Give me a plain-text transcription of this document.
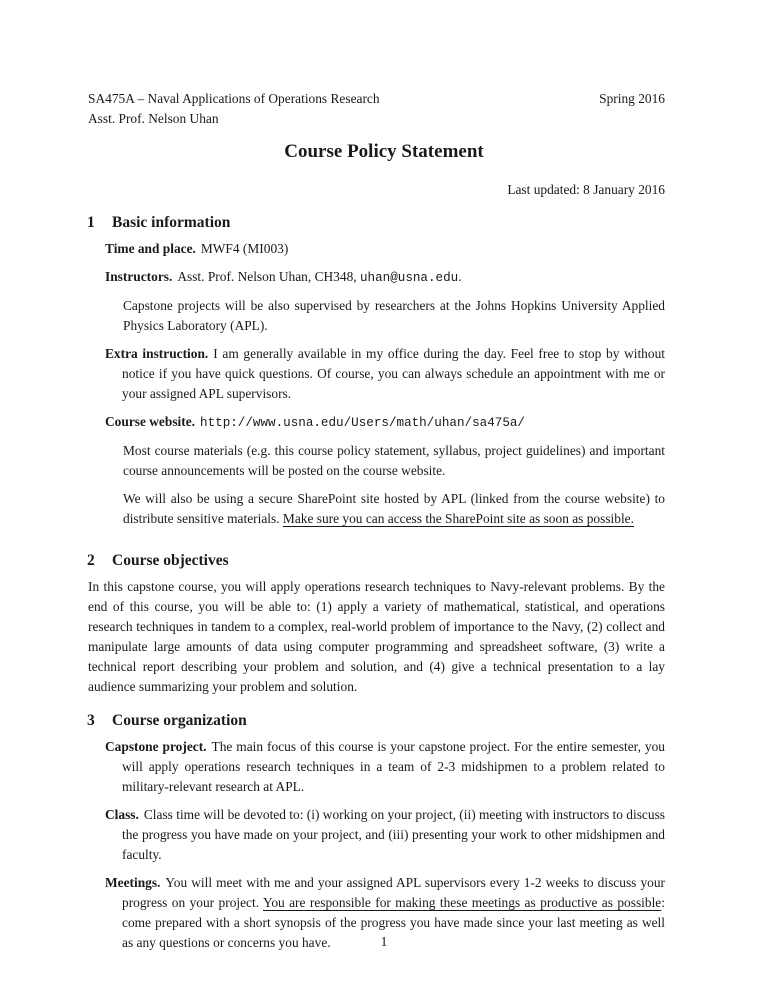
SA475A – Naval Applications of Operations Research
Asst. Prof. Nelson Uhan
Spring 2016
Course Policy Statement
Last updated: 8 January 2016
1 Basic information
Time and place. MWF4 (MI003)
Instructors. Asst. Prof. Nelson Uhan, CH348, uhan@usna.edu.
Capstone projects will be also supervised by researchers at the Johns Hopkins University Applied Physics Laboratory (APL).
Extra instruction. I am generally available in my office during the day. Feel free to stop by without notice if you have quick questions. Of course, you can always schedule an appointment with me or your assigned APL supervisors.
Course website. http://www.usna.edu/Users/math/uhan/sa475a/
Most course materials (e.g. this course policy statement, syllabus, project guidelines) and important course announcements will be posted on the course website.
We will also be using a secure SharePoint site hosted by APL (linked from the course website) to distribute sensitive materials. Make sure you can access the SharePoint site as soon as possible.
2 Course objectives
In this capstone course, you will apply operations research techniques to Navy-relevant problems. By the end of this course, you will be able to: (1) apply a variety of mathematical, statistical, and operations research techniques in tandem to a complex, real-world problem of importance to the Navy, (2) collect and manipulate large amounts of data using computer programming and spreadsheet software, (3) write a technical report describing your problem and solution, and (4) give a technical presentation to a lay audience summarizing your problem and solution.
3 Course organization
Capstone project. The main focus of this course is your capstone project. For the entire semester, you will apply operations research techniques in a team of 2-3 midshipmen to a problem related to military-relevant research at APL.
Class. Class time will be devoted to: (i) working on your project, (ii) meeting with instructors to discuss the progress you have made on your project, and (iii) presenting your work to other midshipmen and faculty.
Meetings. You will meet with me and your assigned APL supervisors every 1-2 weeks to discuss your progress on your project. You are responsible for making these meetings as productive as possible: come prepared with a short synopsis of the progress you have made since your last meeting as well as any questions or concerns you have.	1
